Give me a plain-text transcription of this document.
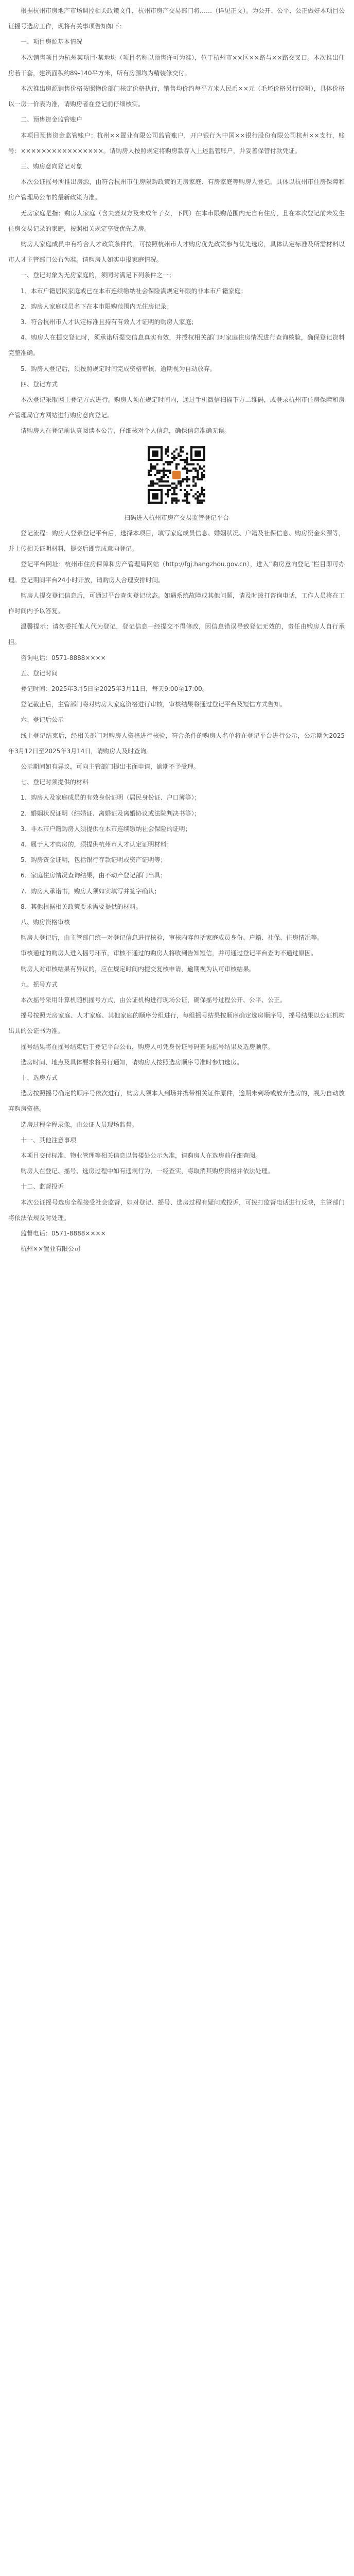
根据杭州市房地产市场调控相关政策文件，杭州市房产交易部门将……（详见正文）。为公开、公平、公正做好本项目公证摇号选房工作，现将有关事项告知如下：

一、项目房源基本情况

本次销售项目为杭州某项目·某地块（项目名称以预售许可为准），位于杭州市××区××路与××路交叉口。本次推出住房若干套，建筑面积约89-140平方米，所有房源均为精装修交付。

本次推出房源销售价格按照物价部门核定价格执行，销售均价约每平方米人民币××元（毛坯价格另行说明），具体价格以一房一价表为准，请购房者在登记前仔细核实。

二、预售资金监管账户

本项目预售资金监管账户：杭州××置业有限公司监管账户，开户银行为中国××银行股份有限公司杭州××支行，账号：××××××××××××××××。请购房人按照规定将购房款存入上述监管账户，并妥善保管付款凭证。

三、购房意向登记对象

本次公证摇号所推出房源，由符合杭州市住房限购政策的无房家庭、有房家庭等购房人登记，具体以杭州市住房保障和房产管理局公布的最新政策为准。

无房家庭是指：购房人家庭（含夫妻双方及未成年子女，下同）在本市限购范围内无自有住房，且在本次登记前未发生住房交易记录的家庭，按照相关规定享受优先选房。

购房人家庭成员中有符合人才政策条件的，可按照杭州市人才购房优先政策参与优先选房，具体认定标准及所需材料以市人才主管部门公布为准。请购房人如实申报家庭情况。

一、登记对象为无房家庭的，须同时满足下列条件之一；

1、本市户籍居民家庭或已在本市连续缴纳社会保险满规定年限的非本市户籍家庭；

2、购房人家庭成员名下在本市限购范围内无住房记录；

3、符合杭州市人才认定标准且持有有效人才证明的购房人家庭；

4、购房人在提交登记时，须承诺所提交信息真实有效，并授权相关部门对家庭住房情况进行查询核验，确保登记资料完整准确。

5、购房人登记后，须按照规定时间完成资格审核，逾期视为自动放弃。

四、登记方式

本次登记采取网上登记方式进行。购房人须在规定时间内，通过手机微信扫描下方二维码，或登录杭州市住房保障和房产管理局官方网站进行购房意向登记。

请购房人在登记前认真阅读本公告，仔细核对个人信息，确保信息准确无误。

扫码进入杭州市房产交易监管登记平台

登记流程：购房人登录登记平台后，选择本项目，填写家庭成员信息、婚姻状况、户籍及社保信息、购房资金来源等，并上传相关证明材料，提交后即完成意向登记。

登记平台网址：杭州市住房保障和房产管理局网站（http://fgj.hangzhou.gov.cn），进入“购房意向登记”栏目即可办理。登记期间平台24小时开放，请购房人合理安排时间。

购房人提交登记信息后，可通过平台查询登记状态。如遇系统故障或其他问题，请及时拨打咨询电话，工作人员将在工作时间内予以答复。

温馨提示：请勿委托他人代为登记，登记信息一经提交不得修改，因信息错误导致登记无效的，责任由购房人自行承担。

咨询电话：0571-8888××××

五、登记时间

登记时间：2025年3月5日至2025年3月11日，每天9:00至17:00。

登记截止后，主管部门将对购房人家庭资格进行审核，审核结果将通过登记平台及短信方式告知。

六、登记后公示

线上登记结束后，经相关部门对购房人资格进行核验，符合条件的购房人名单将在登记平台进行公示，公示期为2025年3月12日至2025年3月14日，请购房人及时查询。

公示期间如有异议，可向主管部门提出书面申请，逾期不予受理。

七、登记时须提供的材料

1、购房人及家庭成员的有效身份证明（居民身份证、户口簿等）；

2、婚姻状况证明（结婚证、离婚证及离婚协议或法院判决书等）；

3、非本市户籍购房人须提供在本市连续缴纳社会保险的证明；

4、属于人才购房的，须提供杭州市人才认定证明材料；

5、购房资金证明，包括银行存款证明或资产证明等；

6、家庭住房情况查询结果，由不动产登记部门出具；

7、购房人承诺书，购房人须如实填写并签字确认；

8、其他根据相关政策要求需要提供的材料。

八、购房资格审核

购房人登记后，由主管部门统一对登记信息进行核验，审核内容包括家庭成员身份、户籍、社保、住房情况等。

审核通过的购房人进入摇号环节，审核不通过的购房人将收到告知短信，并可通过登记平台查询不通过原因。

购房人对审核结果有异议的，应在规定时间内提交复核申请，逾期视为认可审核结果。

九、摇号方式

本次摇号采用计算机随机摇号方式，由公证机构进行现场公证，确保摇号过程公开、公平、公正。

摇号按照无房家庭、人才家庭、其他家庭的顺序分组进行，每组摇号结果按顺序确定选房顺序号，摇号结果以公证机构出具的公证书为准。

摇号结果将在摇号结束后于登记平台公布，购房人可凭身份证号码查询摇号结果及选房顺序。

选房时间、地点及具体要求将另行通知，请购房人按照选房顺序号准时参加选房。

十、选房方式

选房按照摇号确定的顺序号依次进行，购房人须本人到场并携带相关证件原件，逾期未到场或放弃选房的，视为自动放弃购房资格。

选房过程全程录像，由公证人员现场监督。

十一、其他注意事项

本项目交付标准、物业管理等相关信息以售楼处公示为准，请购房人在选房前仔细查阅。

购房人在登记、摇号、选房过程中如有违规行为，一经查实，将取消其购房资格并依法处理。

十二、监督投诉

本次公证摇号选房全程接受社会监督，如对登记、摇号、选房过程有疑问或投诉，可拨打监督电话进行反映，主管部门将依法依规及时处理。

监督电话：0571-8888××××

杭州××置业有限公司
